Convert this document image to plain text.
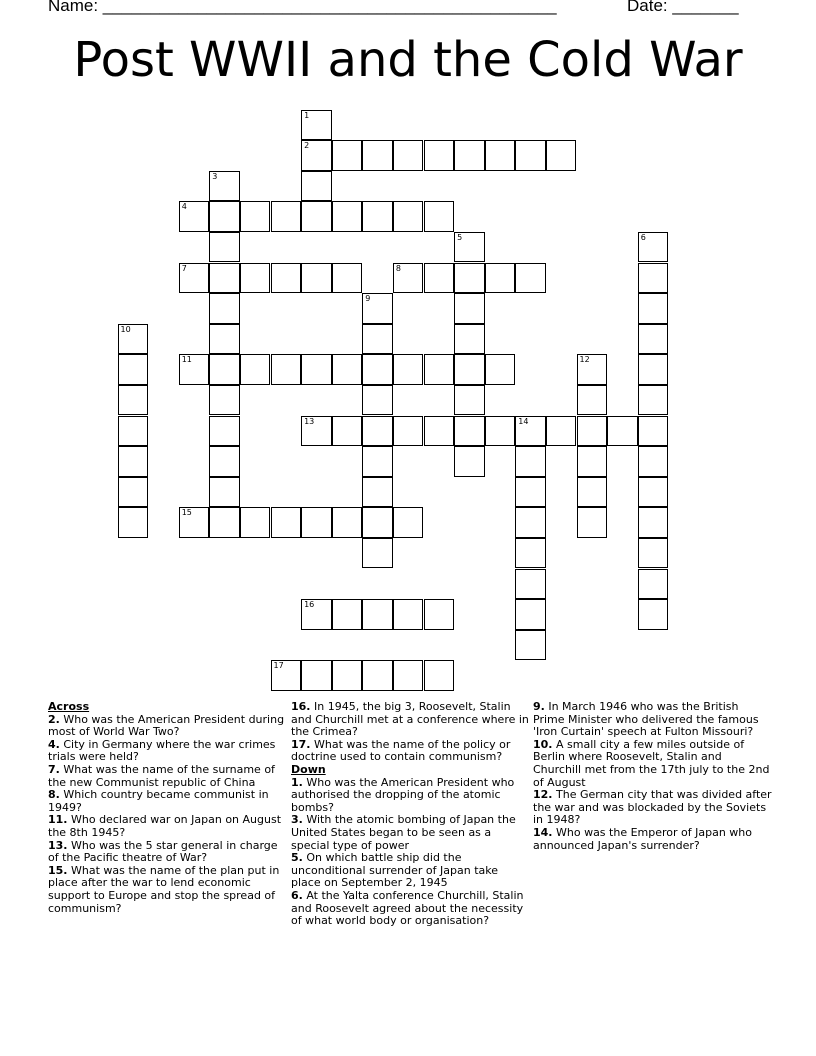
Name: ________________________________________________	Date: _______
Post WWII and the Cold War
1
2
3
4
5	6
7	8
9
10
11	12
13	14
15
16
17
Across
2. Who was the American President during most of World War Two?
4. City in Germany where the war crimes trials were held?
7. What was the name of the surname of the new Communist republic of China
8. Which country became communist in 1949?
11. Who declared war on Japan on August the 8th 1945?
13. Who was the 5 star general in charge of the Pacific theatre of War?
15. What was the name of the plan put in place after the war to lend economic support to Europe and stop the spread of communism?
16. In 1945, the big 3, Roosevelt, Stalin and Churchill met at a conference where in the Crimea?
17. What was the name of the policy or doctrine used to contain communism?
Down
1. Who was the American President who authorised the dropping of the atomic bombs?
3. With the atomic bombing of Japan the United States began to be seen as a special type of power
5. On which battle ship did the unconditional surrender of Japan take place on September 2, 1945
6. At the Yalta conference Churchill, Stalin and Roosevelt agreed about the necessity of what world body or organisation?
9. In March 1946 who was the British Prime Minister who delivered the famous 'Iron Curtain' speech at Fulton Missouri?
10. A small city a few miles outside of Berlin where Roosevelt, Stalin and Churchill met from the 17th july to the 2nd of August
12. The German city that was divided after the war and was blockaded by the Soviets in 1948?
14. Who was the Emperor of Japan who announced Japan's surrender?
